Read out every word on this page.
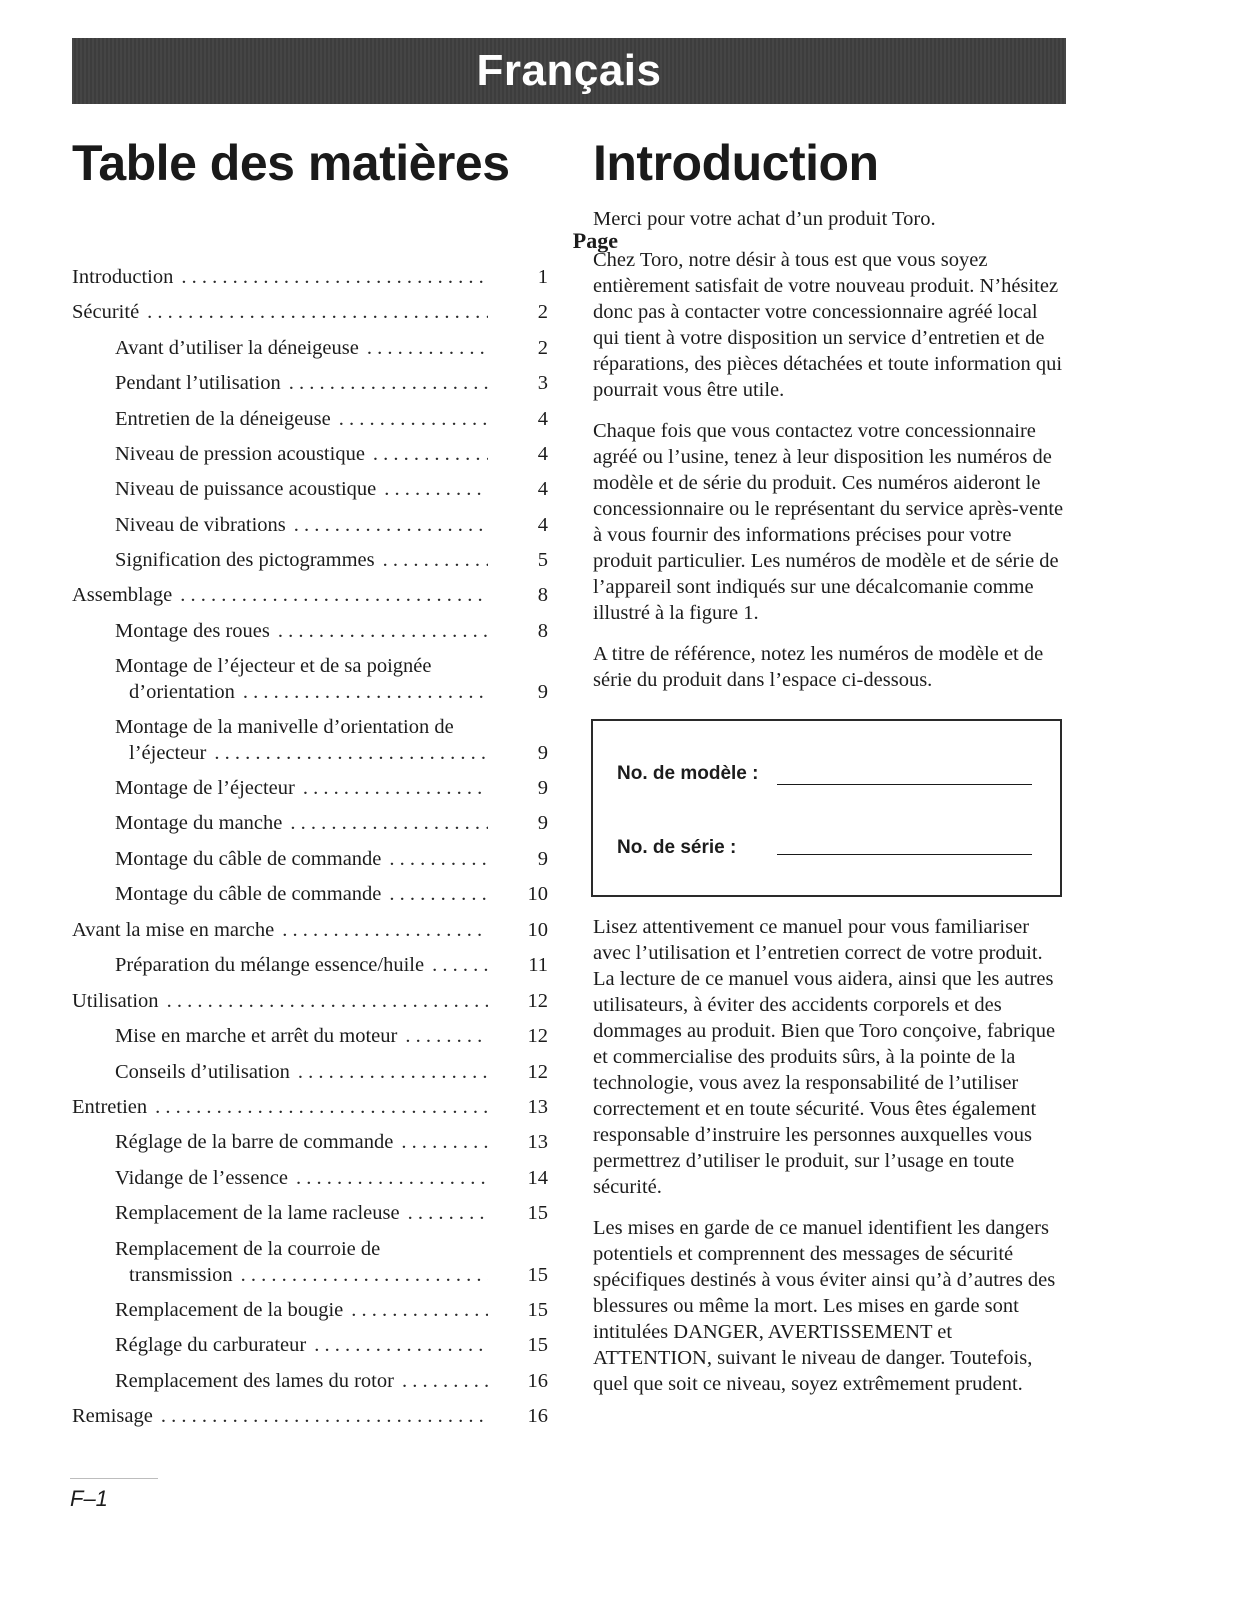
Français
Table des matières Introduction
Page
Introduction . . .	1
Sécurité . . .	2
Avant d’utiliser la déneigeuse . . .	2
Pendant l’utilisation . . .	3
Entretien de la déneigeuse . . .	4
Niveau de pression acoustique . . .	4
Niveau de puissance acoustique . . .	4
Niveau de vibrations . . .	4
Signification des pictogrammes . . .	5
Assemblage . . .	8
Montage des roues . . .	8
Montage de l’éjecteur et de sa poignée
d’orientation . . .	9
Montage de la manivelle d’orientation de
l’éjecteur . . .	9
Montage de l’éjecteur . . .	9
Montage du manche . . .	9
Montage du câble de commande . . .	9
Montage du câble de commande . . .	10
Avant la mise en marche . . .	10
Préparation du mélange essence/huile . . .	11
Utilisation . . .	12
Mise en marche et arrêt du moteur . . .	12
Conseils d’utilisation . . .	12
Entretien . . .	13
Réglage de la barre de commande . . .	13
Vidange de l’essence . . .	14
Remplacement de la lame racleuse . . .	15
Remplacement de la courroie de
transmission . . .	15
Remplacement de la bougie . . .	15
Réglage du carburateur . . .	15
Remplacement des lames du rotor . . .	16
Remisage . . .	16

Merci pour votre achat d’un produit Toro.

Chez Toro, notre désir à tous est que vous soyez entièrement satisfait de votre nouveau produit. N’hésitez donc pas à contacter votre concessionnaire agréé local qui tient à votre disposition un service d’entretien et de réparations, des pièces détachées et toute information qui pourrait vous être utile.

Chaque fois que vous contactez votre concessionnaire agréé ou l’usine, tenez à leur disposition les numéros de modèle et de série du produit. Ces numéros aideront le concessionnaire ou le représentant du service après-vente à vous fournir des informations précises pour votre produit particulier. Les numéros de modèle et de série de l’appareil sont indiqués sur une décalcomanie comme illustré à la figure 1.

A titre de référence, notez les numéros de modèle et de série du produit dans l’espace ci-dessous.

No. de modèle :
No. de série :

Lisez attentivement ce manuel pour vous familiariser avec l’utilisation et l’entretien correct de votre produit. La lecture de ce manuel vous aidera, ainsi que les autres utilisateurs, à éviter des accidents corporels et des dommages au produit. Bien que Toro conçoive, fabrique et commercialise des produits sûrs, à la pointe de la technologie, vous avez la responsabilité de l’utiliser correctement et en toute sécurité. Vous êtes également responsable d’instruire les personnes auxquelles vous permettrez d’utiliser le produit, sur l’usage en toute sécurité.

Les mises en garde de ce manuel identifient les dangers potentiels et comprennent des messages de sécurité spécifiques destinés à vous éviter ainsi qu’à d’autres des blessures ou même la mort. Les mises en garde sont intitulées DANGER, AVERTISSEMENT et ATTENTION, suivant le niveau de danger. Toutefois, quel que soit ce niveau, soyez extrêmement prudent.

F–1
